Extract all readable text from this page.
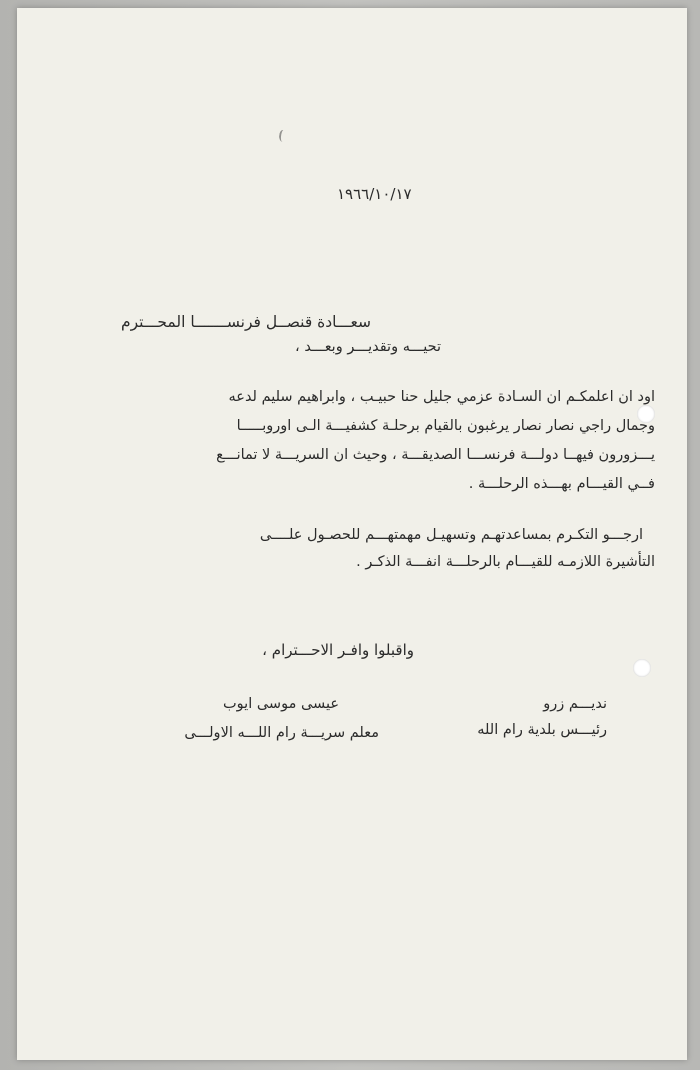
١٩٦٦/١٠/١٧
سعـــادة قنصــل فرنســـــــا المحـــترم
تحيـــه وتقديـــر وبعـــد ،
اود ان اعلمكـم ان السـادة عزمي جليل حنا حبيـب ، وابراهيم سليم لدعه
وجمال راجي نصار نصار يرغبون بالقيام برحلـة كشفيـــة الـى اوروبـــــا
يـــزورون فيهــا دولـــة فرنســـا الصديقـــة ، وحيث ان السريـــة لا تمانـــع
فــي القيـــام بهـــذه الرحلـــة .
ارجـــو التكـرم بمساعدتهـم وتسهيـل مهمتهـــم للحصـول علــــى
التأشيرة اللازمـه للقيـــام بالرحلـــة انفـــة الذكـر .
واقبلوا وافـر الاحـــترام ،
عيسى موسى ايوب
معلم سريـــة رام اللـــه الاولـــى
نديـــم زرو
رئيـــس بلدية رام الله
